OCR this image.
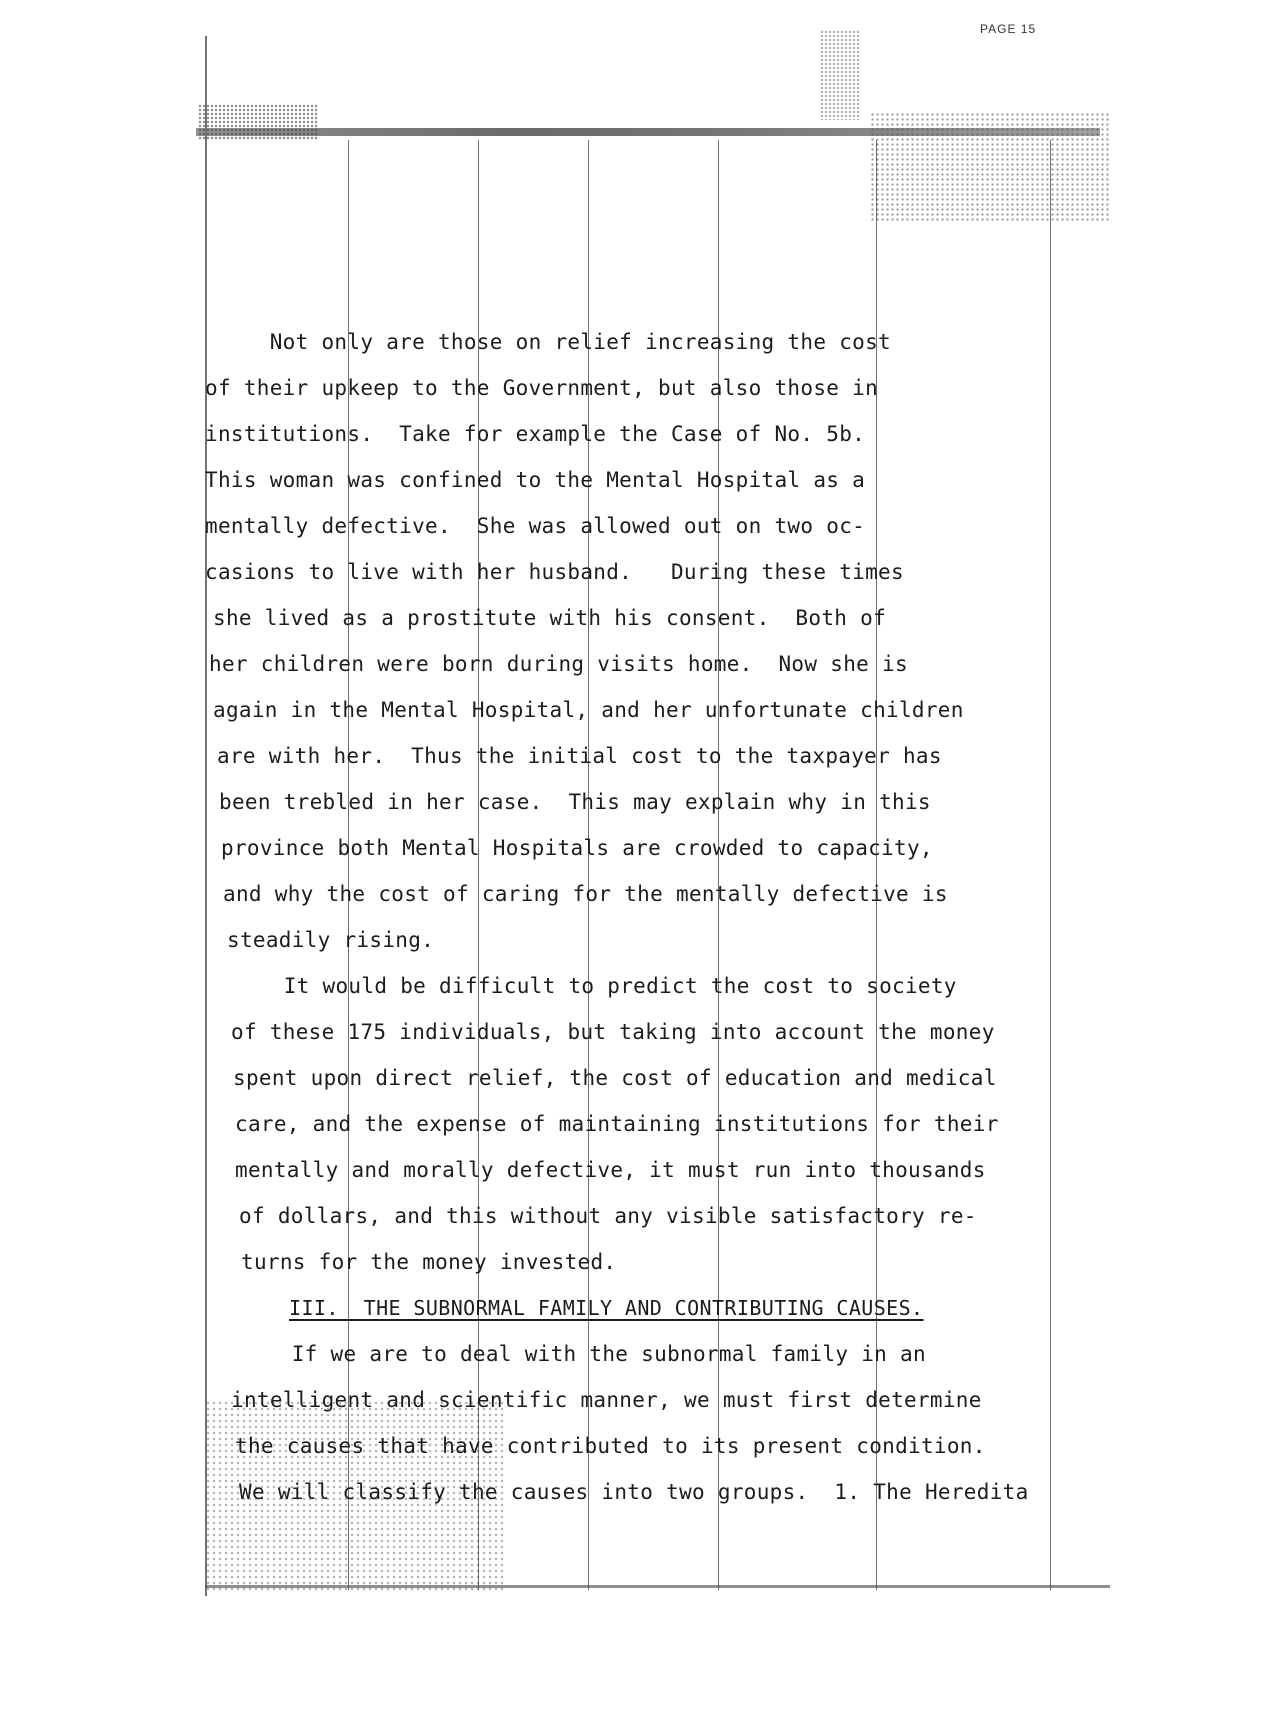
PAGE 15
Not only are those on relief increasing the cost
of their upkeep to the Government, but also those in
institutions.  Take for example the Case of No. 5b.
This woman was confined to the Mental Hospital as a
mentally defective.  She was allowed out on two oc-
casions to live with her husband.   During these times
she lived as a prostitute with his consent.  Both of
her children were born during visits home.  Now she is
again in the Mental Hospital, and her unfortunate children
are with her.  Thus the initial cost to the taxpayer has
been trebled in her case.  This may explain why in this
province both Mental Hospitals are crowded to capacity,
and why the cost of caring for the mentally defective is
steadily rising.
It would be difficult to predict the cost to society
of these 175 individuals, but taking into account the money
spent upon direct relief, the cost of education and medical
care, and the expense of maintaining institutions for their
mentally and morally defective, it must run into thousands
of dollars, and this without any visible satisfactory re-
turns for the money invested.
III.  THE SUBNORMAL FAMILY AND CONTRIBUTING CAUSES.
If we are to deal with the subnormal family in an
intelligent and scientific manner, we must first determine
the causes that have contributed to its present condition.
We will classify the causes into two groups.  1. The Heredita
